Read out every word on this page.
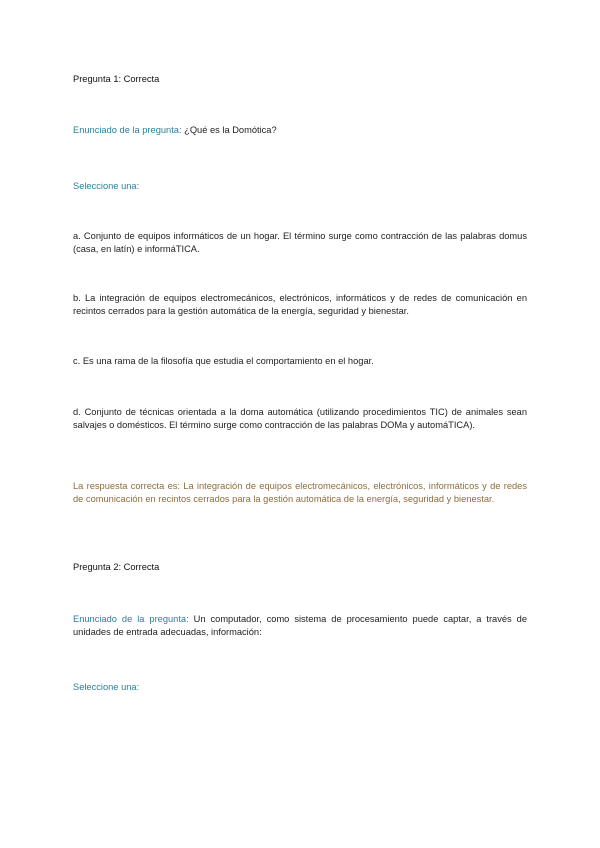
Pregunta 1: Correcta
Enunciado de la pregunta: ¿Qué es la Domótica?
Seleccione una:
a. Conjunto de equipos informáticos de un hogar. El término surge como contracción de las palabras domus (casa, en latín) e informáTICA.
b. La integración de equipos electromecánicos, electrónicos, informáticos y de redes de comunicación en recintos cerrados para la gestión automática de la energía, seguridad y bienestar.
c. Es una rama de la filosofía que estudia el comportamiento en el hogar.
d. Conjunto de técnicas orientada a la doma automática (utilizando procedimientos TIC) de animales sean salvajes o domésticos. El término surge como contracción de las palabras DOMa y automáTICA).
La respuesta correcta es: La integración de equipos electromecánicos, electrónicos, informáticos y de redes de comunicación en recintos cerrados para la gestión automática de la energía, seguridad y bienestar.
Pregunta 2: Correcta
Enunciado de la pregunta: Un computador, como sistema de procesamiento puede captar, a través de unidades de entrada adecuadas, información:
Seleccione una:
